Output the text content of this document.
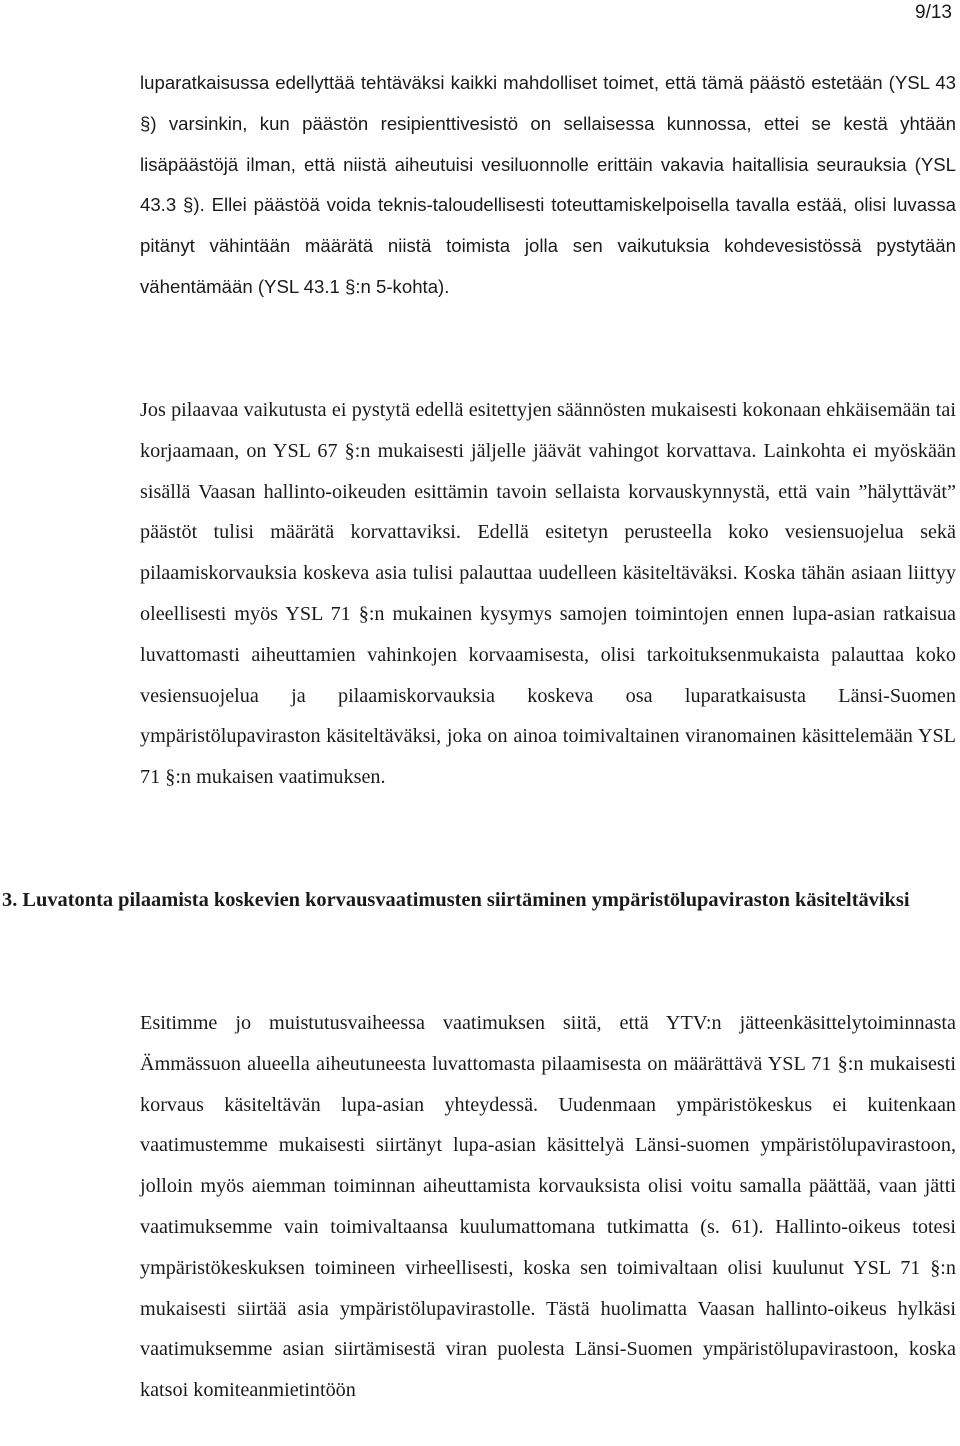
9/13

luparatkaisussa edellyttää tehtäväksi kaikki mahdolliset toimet, että tämä päästö estetään (YSL 43 §) varsinkin, kun päästön resipienttivesistö on sellaisessa kunnossa, ettei se kestä yhtään lisäpäästöjä ilman, että niistä aiheutuisi vesiluonnolle erittäin vakavia haitallisia seurauksia (YSL 43.3 §). Ellei päästöä voida teknis-taloudellisesti toteuttamiskelpoisella tavalla estää, olisi luvassa pitänyt vähintään määrätä niistä toimista jolla sen vaikutuksia kohdevesistössä pystytään vähentämään (YSL 43.1 §:n 5-kohta).

Jos pilaavaa vaikutusta ei pystytä edellä esitettyjen säännösten mukaisesti kokonaan ehkäisemään tai korjaamaan, on YSL 67 §:n mukaisesti jäljelle jäävät vahingot korvattava. Lainkohta ei myöskään sisällä Vaasan hallinto-oikeuden esittämin tavoin sellaista korvauskynnystä, että vain ”hälyttävät” päästöt tulisi määrätä korvattaviksi. Edellä esitetyn perusteella koko vesiensuojelua sekä pilaamiskorvauksia koskeva asia tulisi palauttaa uudelleen käsiteltäväksi. Koska tähän asiaan liittyy oleellisesti myös YSL 71 §:n mukainen kysymys samojen toimintojen ennen lupa-asian ratkaisua luvattomasti aiheuttamien vahinkojen korvaamisesta, olisi tarkoituksenmukaista palauttaa koko vesiensuojelua ja pilaamiskorvauksia koskeva osa luparatkaisusta Länsi-Suomen ympäristölupaviraston käsiteltäväksi, joka on ainoa toimivaltainen viranomainen käsittelemään YSL 71 §:n mukaisen vaatimuksen.

3. Luvatonta pilaamista koskevien korvausvaatimusten siirtäminen ympäristölupaviraston käsiteltäviksi

Esitimme jo muistutusvaiheessa vaatimuksen siitä, että YTV:n jätteenkäsittelytoiminnasta Ämmässuon alueella aiheutuneesta luvattomasta pilaamisesta on määrättävä YSL 71 §:n mukaisesti korvaus käsiteltävän lupa-asian yhteydessä. Uudenmaan ympäristökeskus ei kuitenkaan vaatimustemme mukaisesti siirtänyt lupa-asian käsittelyä Länsi-suomen ympäristölupavirastoon, jolloin myös aiemman toiminnan aiheuttamista korvauksista olisi voitu samalla päättää, vaan jätti vaatimuksemme vain toimivaltaansa kuulumattomana tutkimatta (s. 61). Hallinto-oikeus totesi ympäristökeskuksen toimineen virheellisesti, koska sen toimivaltaan olisi kuulunut YSL 71 §:n mukaisesti siirtää asia ympäristölupavirastolle. Tästä huolimatta Vaasan hallinto-oikeus hylkäsi vaatimuksemme asian siirtämisestä viran puolesta Länsi-Suomen ympäristölupavirastoon, koska katsoi komiteanmietintöön
